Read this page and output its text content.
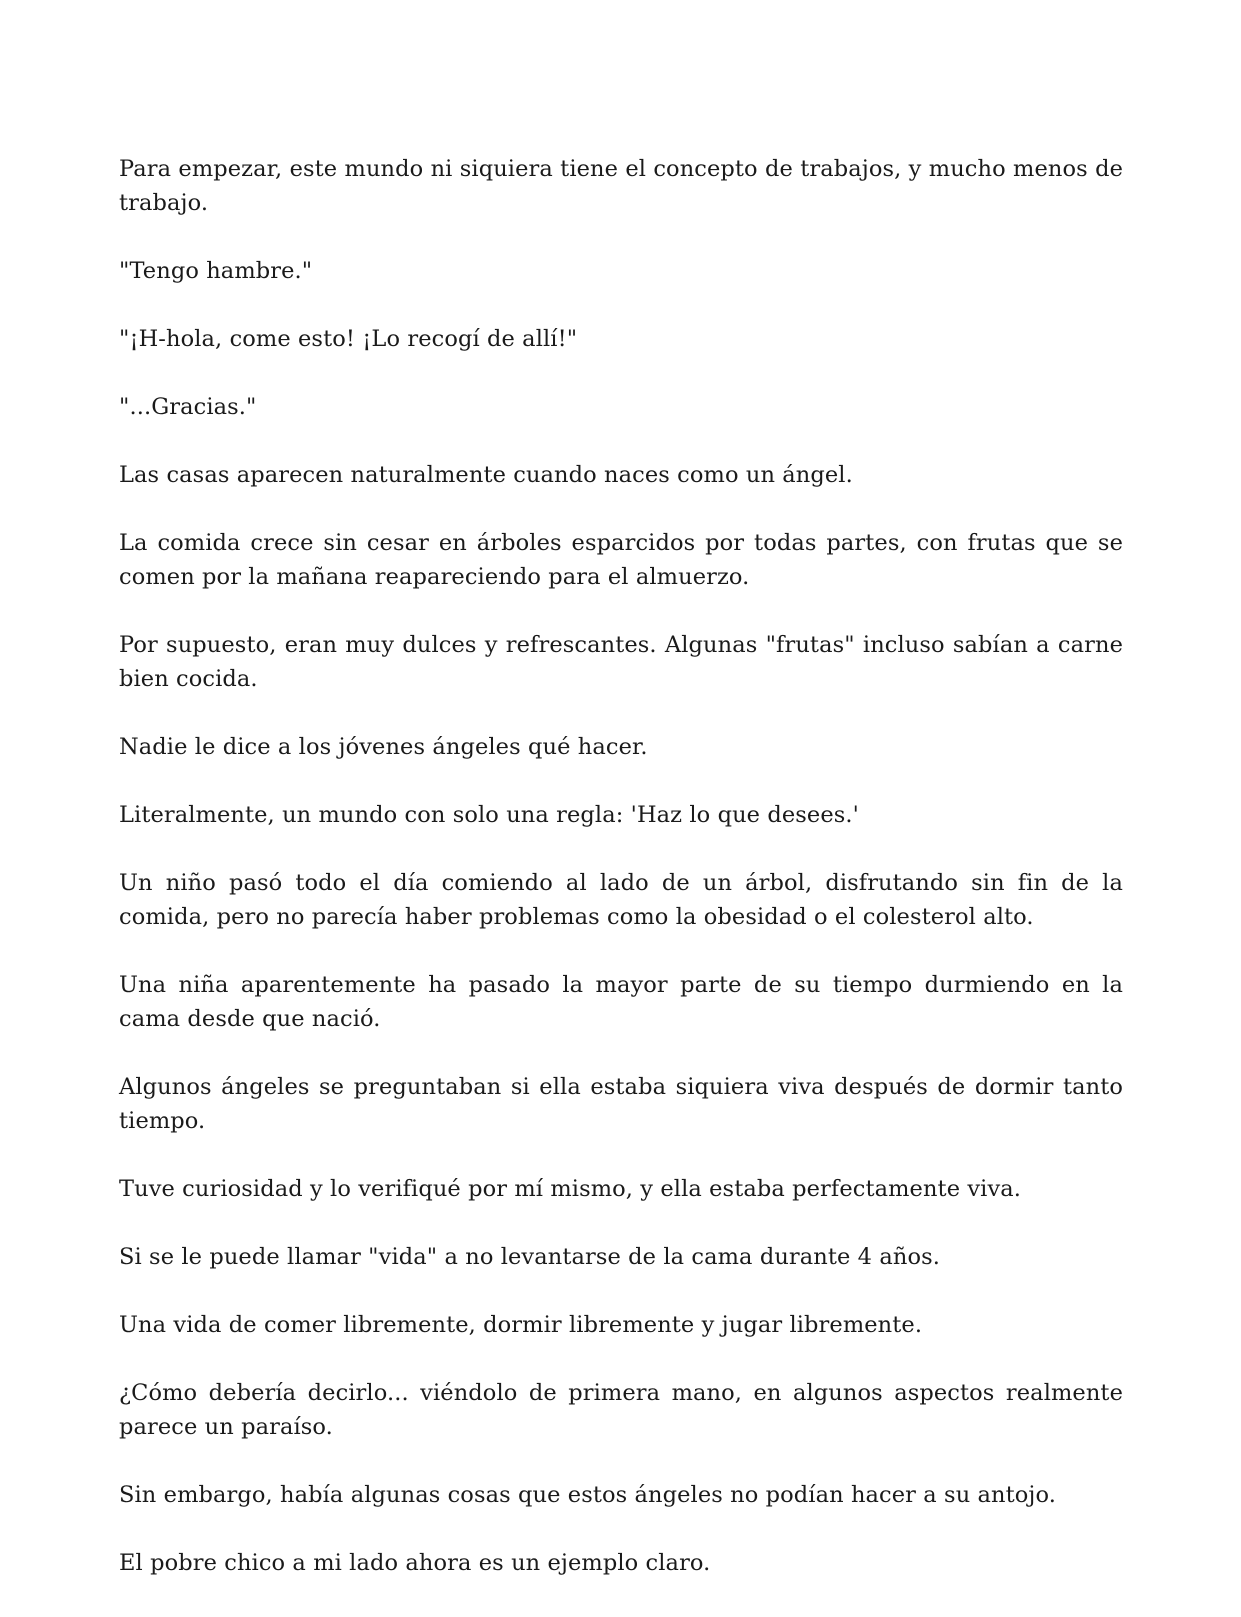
Para empezar, este mundo ni siquiera tiene el concepto de trabajos, y mucho menos de trabajo.

"Tengo hambre."

"¡H-hola, come esto! ¡Lo recogí de allí!"

"...Gracias."

Las casas aparecen naturalmente cuando naces como un ángel.

La comida crece sin cesar en árboles esparcidos por todas partes, con frutas que se comen por la mañana reapareciendo para el almuerzo.

Por supuesto, eran muy dulces y refrescantes. Algunas "frutas" incluso sabían a carne bien cocida.

Nadie le dice a los jóvenes ángeles qué hacer.

Literalmente, un mundo con solo una regla: 'Haz lo que desees.'

Un niño pasó todo el día comiendo al lado de un árbol, disfrutando sin fin de la comida, pero no parecía haber problemas como la obesidad o el colesterol alto.

Una niña aparentemente ha pasado la mayor parte de su tiempo durmiendo en la cama desde que nació.

Algunos ángeles se preguntaban si ella estaba siquiera viva después de dormir tanto tiempo.

Tuve curiosidad y lo verifiqué por mí mismo, y ella estaba perfectamente viva.

Si se le puede llamar "vida" a no levantarse de la cama durante 4 años.

Una vida de comer libremente, dormir libremente y jugar libremente.

¿Cómo debería decirlo... viéndolo de primera mano, en algunos aspectos realmente parece un paraíso.

Sin embargo, había algunas cosas que estos ángeles no podían hacer a su antojo.

El pobre chico a mi lado ahora es un ejemplo claro.
